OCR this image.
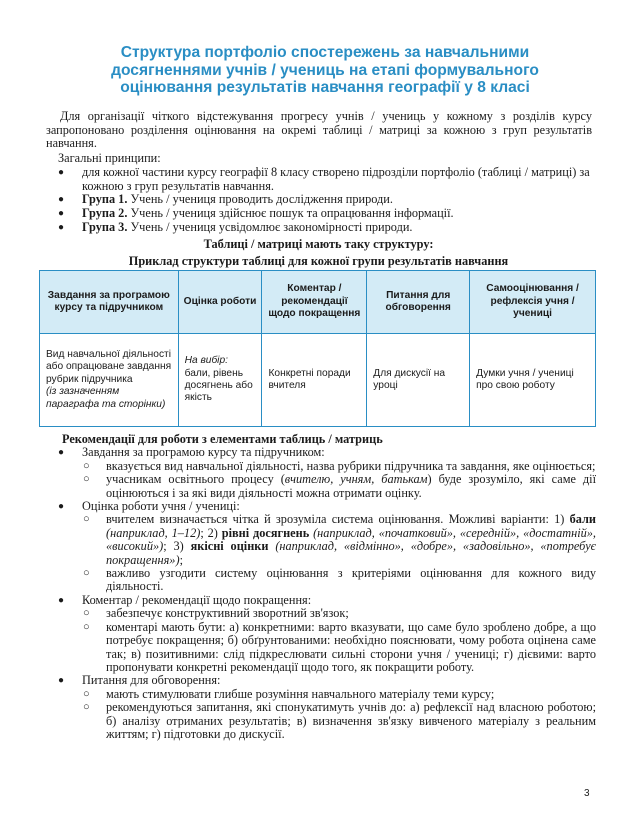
Структура портфоліо спостережень за навчальними
досягненнями учнів / учениць на етапі формувального
оцінювання результатів навчання географії у 8 класі

Для організації чіткого відстежування прогресу учнів / учениць у кожному з розділів курсу запропоновано розділення оцінювання на окремі таблиці / матриці за кожною з груп результатів навчання.

Загальні принципи:
● для кожної частини курсу географії 8 класу створено підрозділи портфоліо (таблиці / матриці) за кожною з груп результатів навчання.
● Група 1. Учень / учениця проводить дослідження природи.
● Група 2. Учень / учениця здійснює пошук та опрацювання інформації.
● Група 3. Учень / учениця усвідомлює закономірності природи.
Таблиці / матриці мають таку структуру:
Приклад структури таблиці для кожної групи результатів навчання
Завдання за програмою курсу та підручником	Оцінка роботи	Коментар / рекомендації щодо покращення	Питання для обговорення	Самооцінювання / рефлексія учня / учениці
Вид навчальної діяльності або опрацюване завдання рубрик підручника
(із зазначенням параграфа та сторінки)	На вибір:
бали, рівень досягнень або якість	Конкретні поради вчителя	Для дискусії на уроці	Думки учня / учениці про свою роботу
Рекомендації для роботи з елементами таблиць / матриць
● Завдання за програмою курсу та підручником:
○ вказується вид навчальної діяльності, назва рубрики підручника та завдання, яке оцінюється;
○ учасникам освітнього процесу (вчителю, учням, батькам) буде зрозуміло, які саме дії оцінюються і за які види діяльності можна отримати оцінку.
● Оцінка роботи учня / учениці:
○ вчителем визначається чітка й зрозуміла система оцінювання. Можливі варіанти: 1) бали (наприклад, 1–12); 2) рівні досягнень (наприклад, «початковий», «середній», «достатній», «високий»); 3) якісні оцінки (наприклад, «відмінно», «добре», «задовільно», «потребує покращення»);
○ важливо узгодити систему оцінювання з критеріями оцінювання для кожного виду діяльності.
● Коментар / рекомендації щодо покращення:
○ забезпечує конструктивний зворотний зв'язок;
○ коментарі мають бути: а) конкретними: варто вказувати, що саме було зроблено добре, а що потребує покращення; б) обґрунтованими: необхідно пояснювати, чому робота оцінена саме так; в) позитивними: слід підкреслювати сильні сторони учня / учениці; г) дієвими: варто пропонувати конкретні рекомендації щодо того, як покращити роботу.
● Питання для обговорення:
○ мають стимулювати глибше розуміння навчального матеріалу теми курсу;
○ рекомендуються запитання, які спонукатимуть учнів до: а) рефлексії над власною роботою; б) аналізу отриманих результатів; в) визначення зв'язку вивченого матеріалу з реальним життям; г) підготовки до дискусії.
3
